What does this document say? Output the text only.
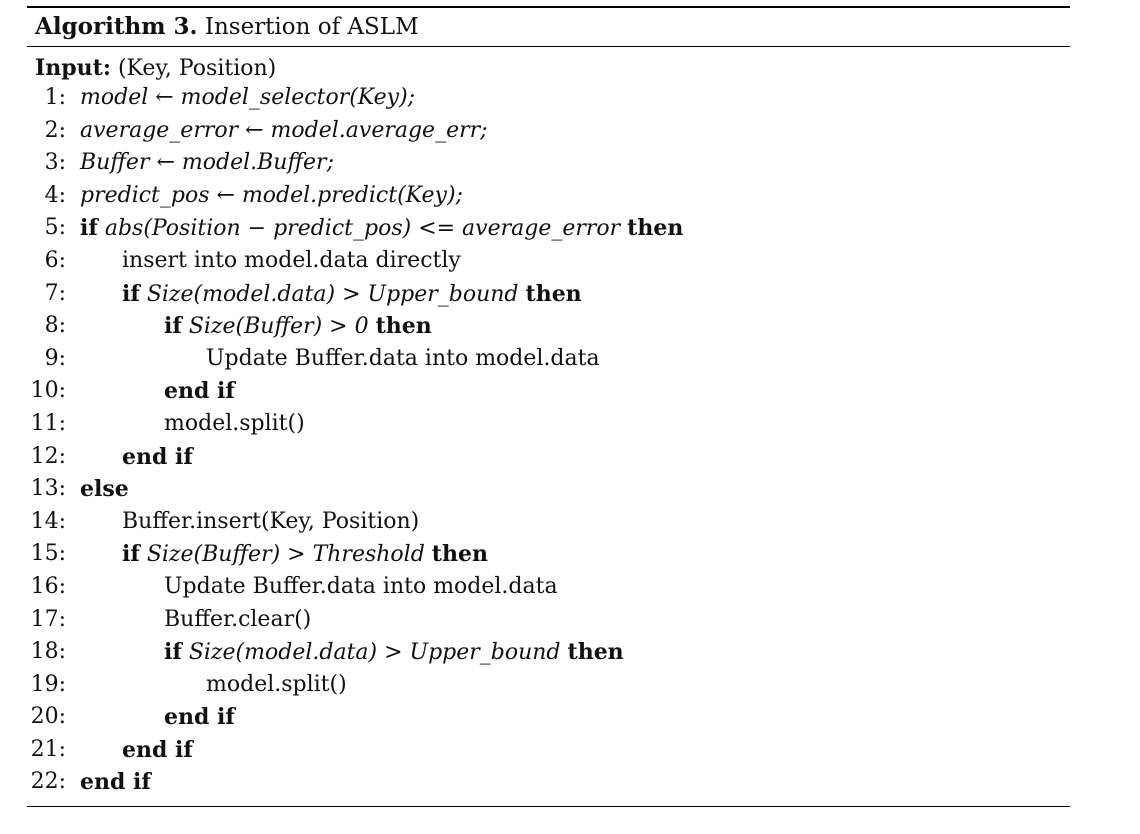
Algorithm 3. Insertion of ASLM
Input: (Key, Position)
1: model ← model_selector(Key);
2: average_error ← model.average_err;
3: Buffer ← model.Buffer;
4: predict_pos ← model.predict(Key);
5: if abs(Position − predict_pos) <= average_error then
6:	insert into model.data directly
7:	if Size(model.data) > Upper_bound then
8:	if Size(Buffer) > 0 then
9:	Update Buffer.data into model.data
10:	end if
11:	model.split()
12:	end if
13: else
14:	Buffer.insert(Key, Position)
15:	if Size(Buffer) > Threshold then
16:	Update Buffer.data into model.data
17:	Buffer.clear()
18:	if Size(model.data) > Upper_bound then
19:	model.split()
20:	end if
21:	end if
22: end if
